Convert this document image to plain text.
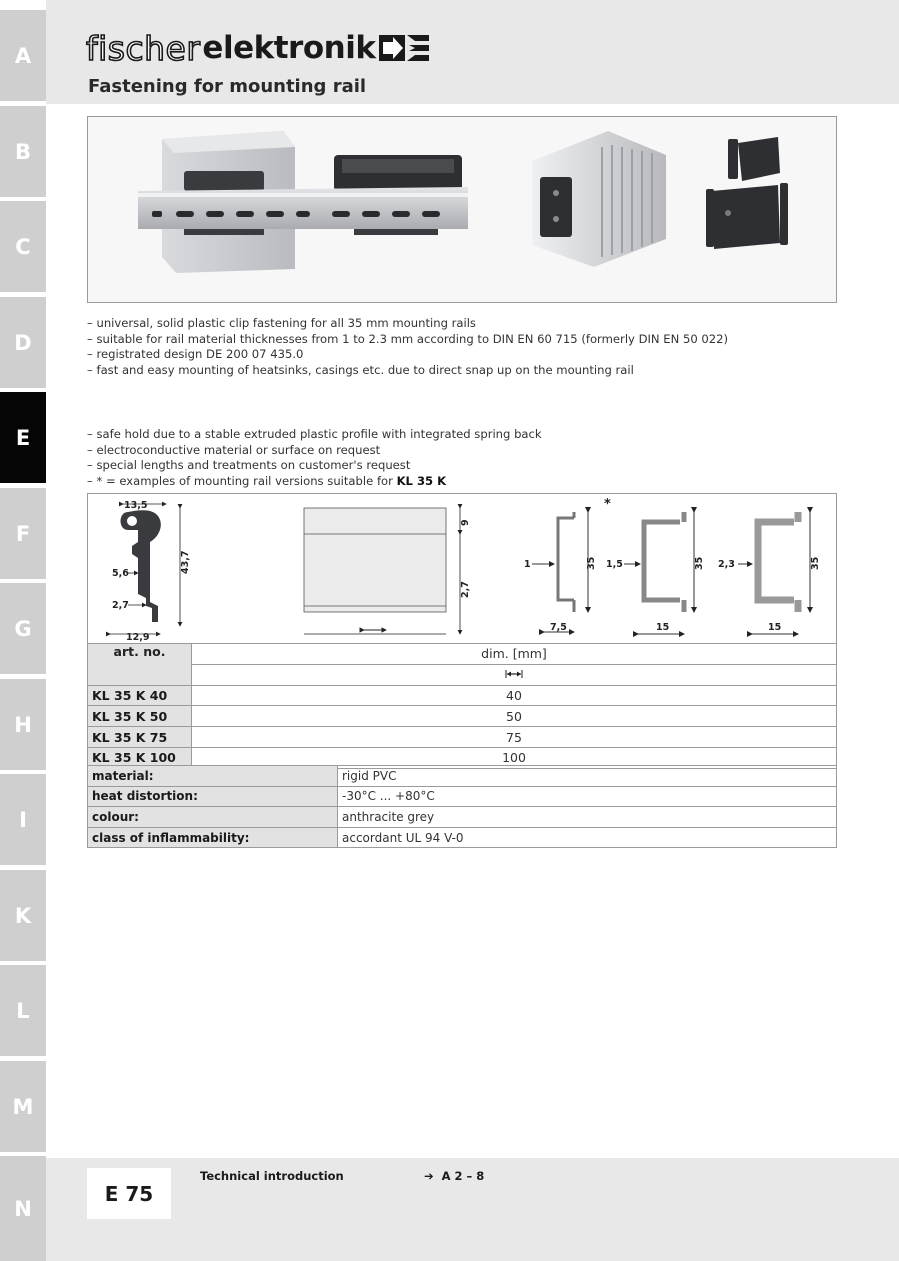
A
B
C
D
E
F
G
H
I
K
L
M
N
fischer elektronik
Fastening for mounting rail
– universal, solid plastic clip fastening for all 35 mm mounting rails
– suitable for rail material thicknesses from 1 to 2.3 mm according to DIN EN 60 715 (formerly DIN EN 50 022)
– registrated design DE 200 07 435.0
– fast and easy mounting of heatsinks, casings etc. due to direct snap up on the mounting rail
– safe hold due to a stable extruded plastic profile with integrated spring back
– electroconductive material or surface on request
– special lengths and treatments on customer's request
– * = examples of mounting rail versions suitable for KL 35 K
13,5
43,7
5,6
2,7
12,9
9
2,7
*
1	35
7,5
1,5	35
15
2,3	35
15
art. no.	dim. [mm]

KL 35 K 40	40
KL 35 K 50	50
KL 35 K 75	75
KL 35 K 100	100
material:	rigid PVC
heat distortion:	-30°C ... +80°C
colour:	anthracite grey
class of inflammability:	accordant UL 94 V-0
E 75
Technical introduction	➔ A 2 – 8
